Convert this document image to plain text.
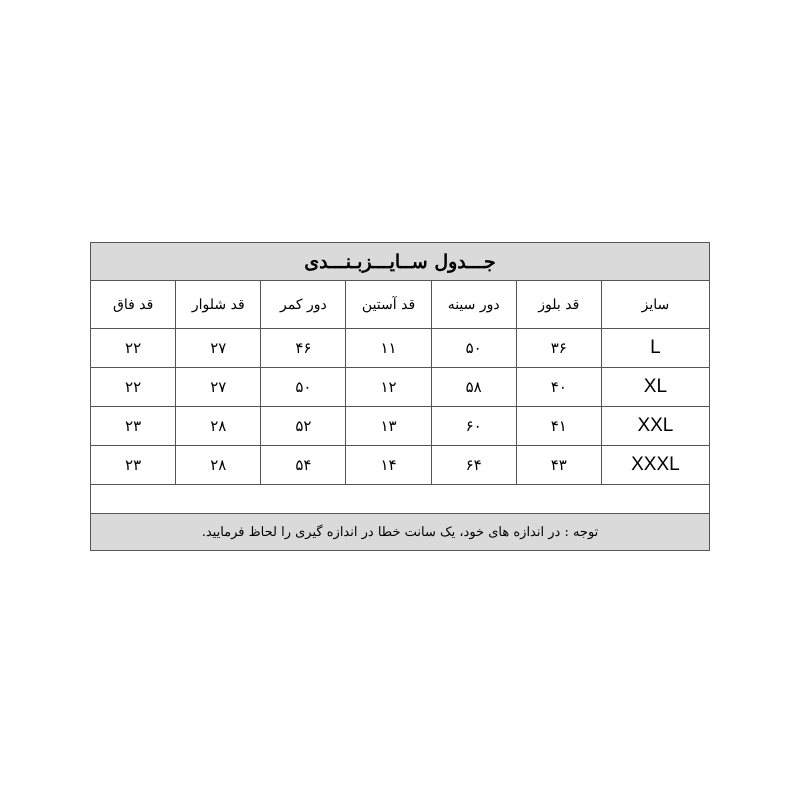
جـــدول ســایـــزبـنـــدی						
سایز	قد بلوز	دور سینه	قد آستین	دور کمر	قد شلوار	قد فاق
L	۳۶	۵۰	۱۱	۴۶	۲۷	۲۲
XL	۴۰	۵۸	۱۲	۵۰	۲۷	۲۲
XXL	۴۱	۶۰	۱۳	۵۲	۲۸	۲۳
XXXL	۴۳	۶۴	۱۴	۵۴	۲۸	۲۳

توجه : در اندازه های خود، یک سانت خطا در اندازه گیری را لحاظ فرمایید.						
